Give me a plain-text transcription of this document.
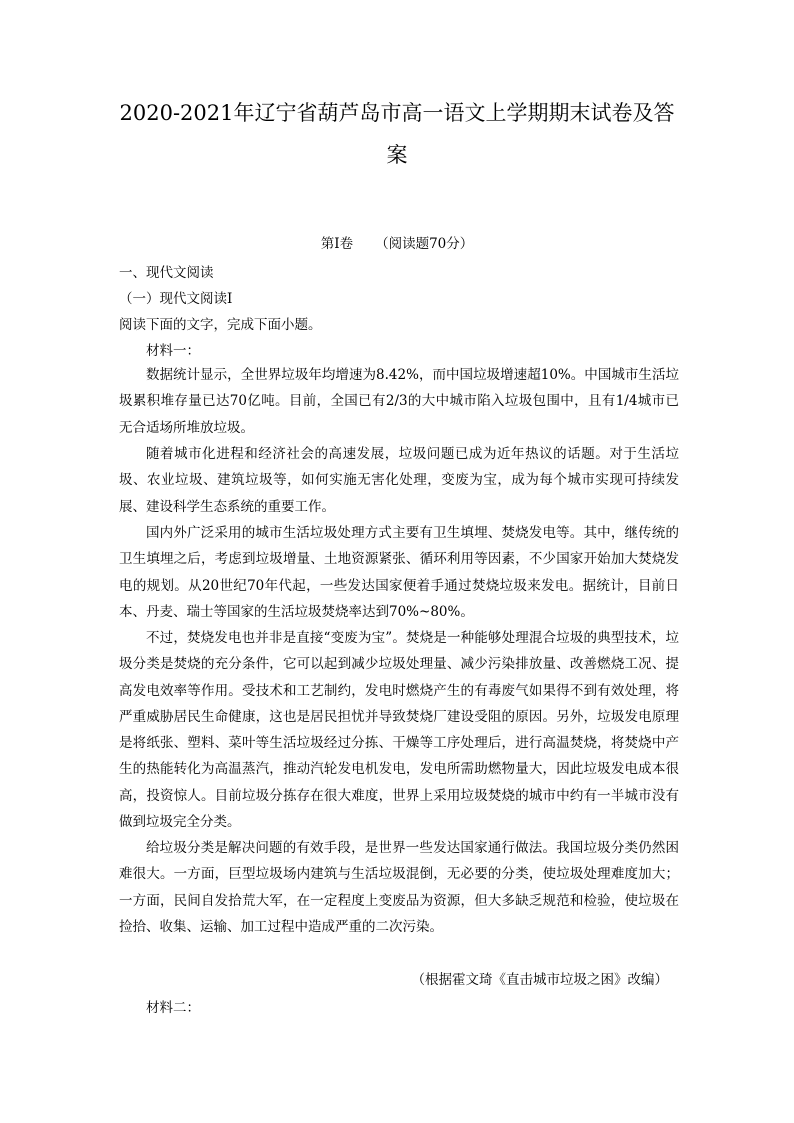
2020-2021年辽宁省葫芦岛市高一语文上学期期末试卷及答
案
第Ⅰ卷 （阅读题70分）
一、现代文阅读
（一）现代文阅读Ⅰ
阅读下面的文字，完成下面小题。
材料一：
数据统计显示，全世界垃圾年均增速为8.42%，而中国垃圾增速超10%。中国城市生活垃圾累积堆存量已达70亿吨。目前，全国已有2/3的大中城市陷入垃圾包围中，且有1/4城市已无合适场所堆放垃圾。
随着城市化进程和经济社会的高速发展，垃圾问题已成为近年热议的话题。对于生活垃圾、农业垃圾、建筑垃圾等，如何实施无害化处理，变废为宝，成为每个城市实现可持续发展、建设科学生态系统的重要工作。
国内外广泛采用的城市生活垃圾处理方式主要有卫生填埋、焚烧发电等。其中，继传统的卫生填埋之后，考虑到垃圾增量、土地资源紧张、循环利用等因素，不少国家开始加大焚烧发电的规划。从20世纪70年代起，一些发达国家便着手通过焚烧垃圾来发电。据统计，目前日本、丹麦、瑞士等国家的生活垃圾焚烧率达到70%~80%。
不过，焚烧发电也并非是直接“变废为宝”。焚烧是一种能够处理混合垃圾的典型技术，垃圾分类是焚烧的充分条件，它可以起到减少垃圾处理量、减少污染排放量、改善燃烧工况、提高发电效率等作用。受技术和工艺制约，发电时燃烧产生的有毒废气如果得不到有效处理，将严重威胁居民生命健康，这也是居民担忧并导致焚烧厂建设受阻的原因。另外，垃圾发电原理是将纸张、塑料、菜叶等生活垃圾经过分拣、干燥等工序处理后，进行高温焚烧，将焚烧中产生的热能转化为高温蒸汽，推动汽轮发电机发电，发电所需助燃物量大，因此垃圾发电成本很高，投资惊人。目前垃圾分拣存在很大难度，世界上采用垃圾焚烧的城市中约有一半城市没有做到垃圾完全分类。
给垃圾分类是解决问题的有效手段，是世界一些发达国家通行做法。我国垃圾分类仍然困难很大。一方面，巨型垃圾场内建筑与生活垃圾混倒，无必要的分类，使垃圾处理难度加大；一方面，民间自发拾荒大军，在一定程度上变废品为资源，但大多缺乏规范和检验，使垃圾在捡拾、收集、运输、加工过程中造成严重的二次污染。
（根据霍文琦《直击城市垃圾之困》改编）
材料二：
